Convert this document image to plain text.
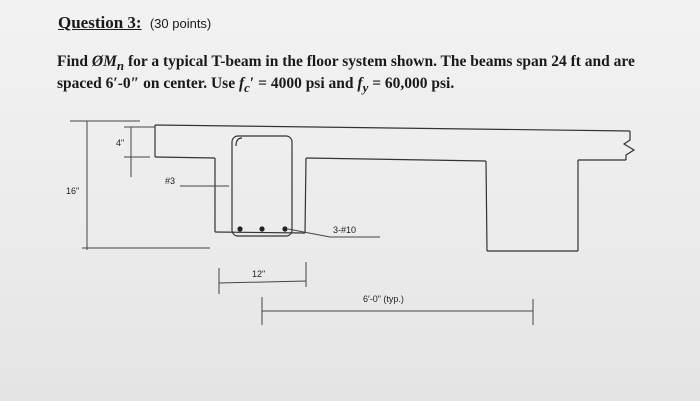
Question 3: (30 points)

Find $ØM_n$ for a typical T-beam in the floor system shown. The beams span 24 ft and are spaced 6′-0″ on center. Use $f_c' = 4000$ psi and $f_y = 60,000$ psi.

4"
16"
#3
3-#10
12"
6′-0" (typ.)
